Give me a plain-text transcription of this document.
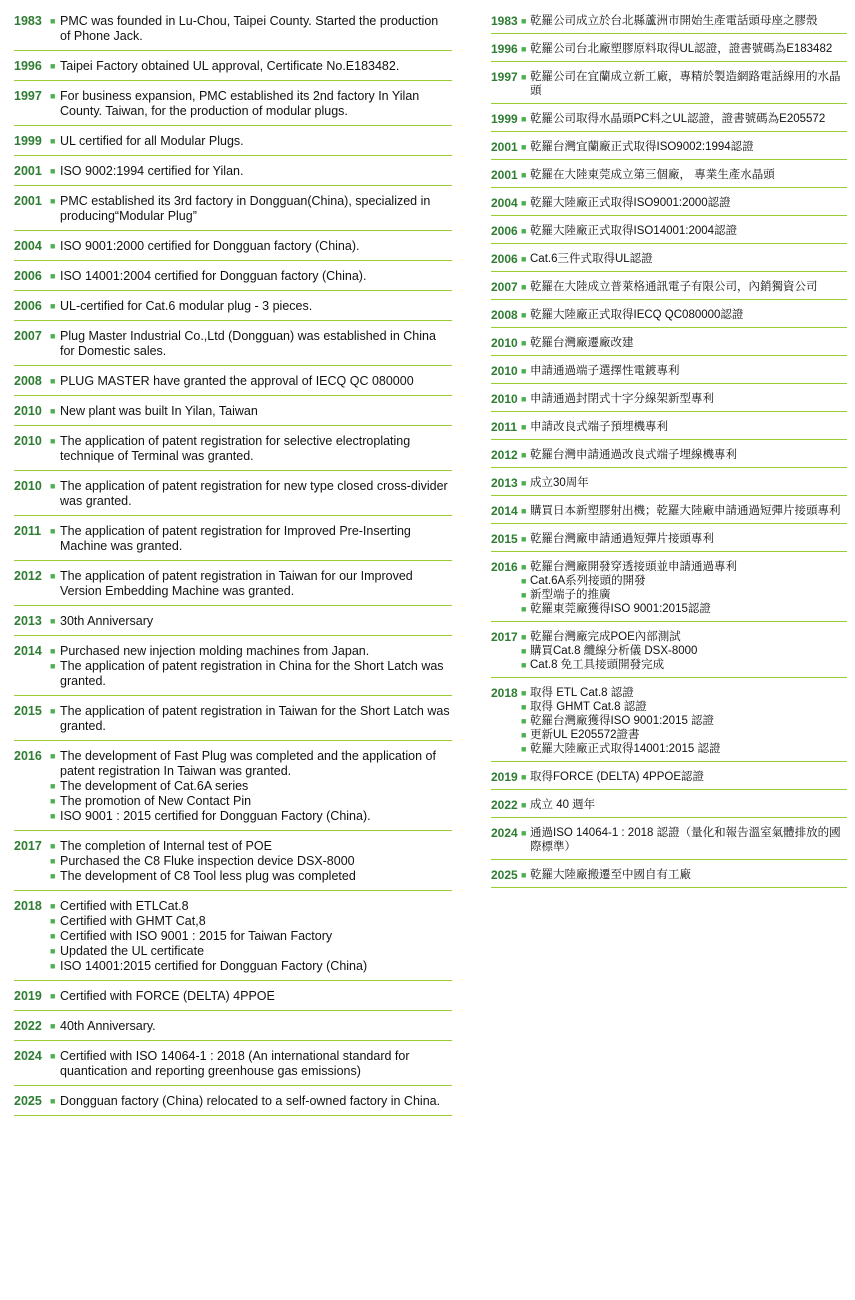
1983 ■ PMC was founded in Lu-Chou, Taipei County. Started the production of Phone Jack.
1996 ■ Taipei Factory obtained UL approval, Certificate No.E183482.
1997 ■ For business expansion, PMC established its 2nd factory In Yilan County. Taiwan, for the production of modular plugs.
1999 ■ UL certified for all Modular Plugs.
2001 ■ ISO 9002:1994 certified for Yilan.
2001 ■ PMC established its 3rd factory in Dongguan(China), specialized in producing“Modular Plug”
2004 ■ ISO 9001:2000 certified for Dongguan factory (China).
2006 ■ ISO 14001:2004 certified for Dongguan factory (China).
2006 ■ UL-certified for Cat.6 modular plug - 3 pieces.
2007 ■ Plug Master Industrial Co.,Ltd (Dongguan) was established in China for Domestic sales.
2008 ■ PLUG MASTER have granted the approval of IECQ QC 080000
2010 ■ New plant was built In Yilan, Taiwan
2010 ■ The application of patent registration for selective electroplating technique of Terminal was granted.
2010 ■ The application of patent registration for new type closed cross-divider was granted.
2011 ■ The application of patent registration for Improved Pre-Inserting Machine was granted.
2012 ■ The application of patent registration in Taiwan for our Improved Version Embedding Machine was granted.
2013 ■ 30th Anniversary
2014 ■ Purchased new injection molding machines from Japan.
■ The application of patent registration in China for the Short Latch was granted.
2015 ■ The application of patent registration in Taiwan for the Short Latch was granted.
2016 ■ The development of Fast Plug was completed and the application of patent registration In Taiwan was granted.
■ The development of Cat.6A series
■ The promotion of New Contact Pin
■ ISO 9001 : 2015 certified for Dongguan Factory (China).
2017 ■ The completion of Internal test of POE
■ Purchased the C8 Fluke inspection device DSX-8000
■ The development of C8 Tool less plug was completed
2018 ■ Certified with ETLCat.8
■ Certified with GHMT Cat,8
■ Certified with ISO 9001 : 2015 for Taiwan Factory
■ Updated the UL certificate
■ ISO 14001:2015 certified for Dongguan Factory (China)
2019 ■ Certified with FORCE (DELTA) 4PPOE
2022 ■ 40th Anniversary.
2024 ■ Certified with ISO 14064-1 : 2018 (An international standard for quantication and reporting greenhouse gas emissions)
2025 ■ Dongguan factory (China) relocated to a self-owned factory in China.
1983 ■ 乾羅公司成立於台北縣蘆洲市開始生產電話頭母座之膠殼
1996 ■ 乾羅公司台北廠塑膠原料取得UL認證，證書號碼為E183482
1997 ■ 乾羅公司在宜蘭成立新工廠，專精於製造網路電話線用的水晶頭
1999 ■ 乾羅公司取得水晶頭PC料之UL認證，證書號碼為E205572
2001 ■ 乾羅台灣宜蘭廠正式取得ISO9002:1994認證
2001 ■ 乾羅在大陸東莞成立第三個廠， 專業生產水晶頭
2004 ■ 乾羅大陸廠正式取得ISO9001:2000認證
2006 ■ 乾羅大陸廠正式取得ISO14001:2004認證
2006 ■ Cat.6三件式取得UL認證
2007 ■ 乾羅在大陸成立普萊格通訊電子有限公司，內銷獨資公司
2008 ■ 乾羅大陸廠正式取得IECQ QC080000認證
2010 ■ 乾羅台灣廠遷廠改建
2010 ■ 申請通過端子選擇性電鍍專利
2010 ■ 申請通過封閉式十字分線架新型專利
2011 ■ 申請改良式端子預埋機專利
2012 ■ 乾羅台灣申請通過改良式端子埋線機專利
2013 ■ 成立30周年
2014 ■ 購買日本新塑膠射出機；乾羅大陸廠申請通過短彈片接頭專利
2015 ■ 乾羅台灣廠申請通過短彈片接頭專利
2016 ■ 乾羅台灣廠開發穿透接頭並申請通過專利
■ Cat.6A系列接頭的開發
■ 新型端子的推廣
■ 乾羅東莞廠獲得ISO 9001:2015認證
2017 ■ 乾羅台灣廠完成POE內部測試
■ 購買Cat.8 纜線分析儀 DSX-8000
■ Cat.8 免工具接頭開發完成
2018 ■ 取得 ETL Cat.8 認證
■ 取得 GHMT Cat.8 認證
■ 乾羅台灣廠獲得ISO 9001:2015 認證
■ 更新UL E205572證書
■ 乾羅大陸廠正式取得14001:2015 認證
2019 ■ 取得FORCE (DELTA) 4PPOE認證
2022 ■ 成立 40 週年
2024 ■ 通過ISO 14064-1 : 2018 認證（量化和報告溫室氣體排放的國際標準）
2025 ■ 乾羅大陸廠搬遷至中國自有工廠
